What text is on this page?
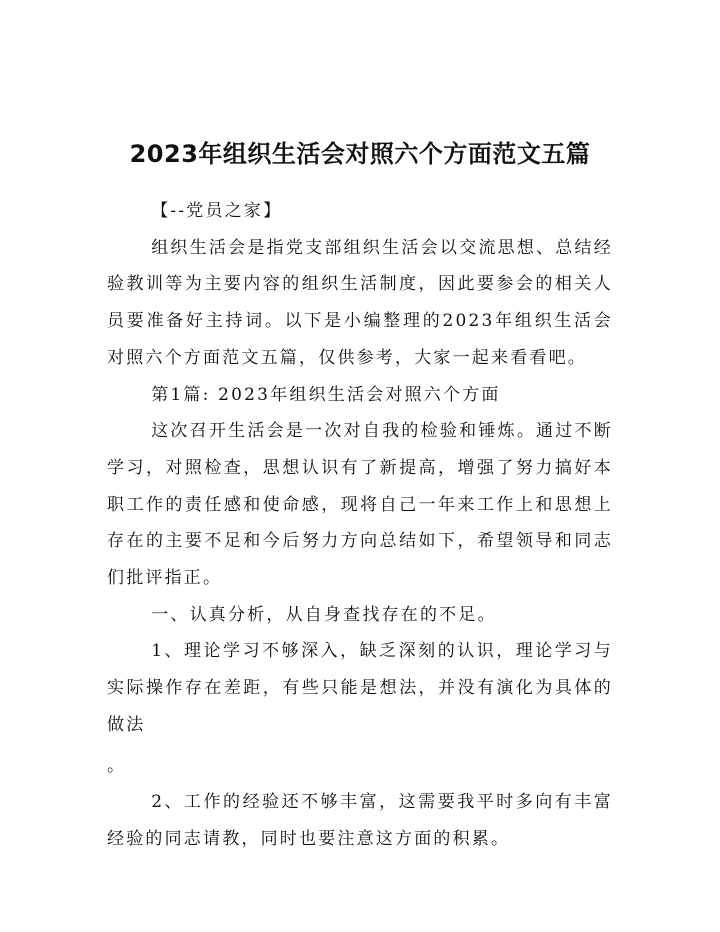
2023年组织生活会对照六个方面范文五篇

【--党员之家】

组织生活会是指党支部组织生活会以交流思想、总结经验教训等为主要内容的组织生活制度，因此要参会的相关人员要准备好主持词。以下是小编整理的2023年组织生活会对照六个方面范文五篇，仅供参考，大家一起来看看吧。

第1篇: 2023年组织生活会对照六个方面

这次召开生活会是一次对自我的检验和锤炼。通过不断学习，对照检查，思想认识有了新提高，增强了努力搞好本职工作的责任感和使命感，现将自己一年来工作上和思想上存在的主要不足和今后努力方向总结如下，希望领导和同志们批评指正。

一、认真分析，从自身查找存在的不足。

1、理论学习不够深入，缺乏深刻的认识，理论学习与实际操作存在差距，有些只能是想法，并没有演化为具体的做法

。

2、工作的经验还不够丰富，这需要我平时多向有丰富经验的同志请教，同时也要注意这方面的积累。
